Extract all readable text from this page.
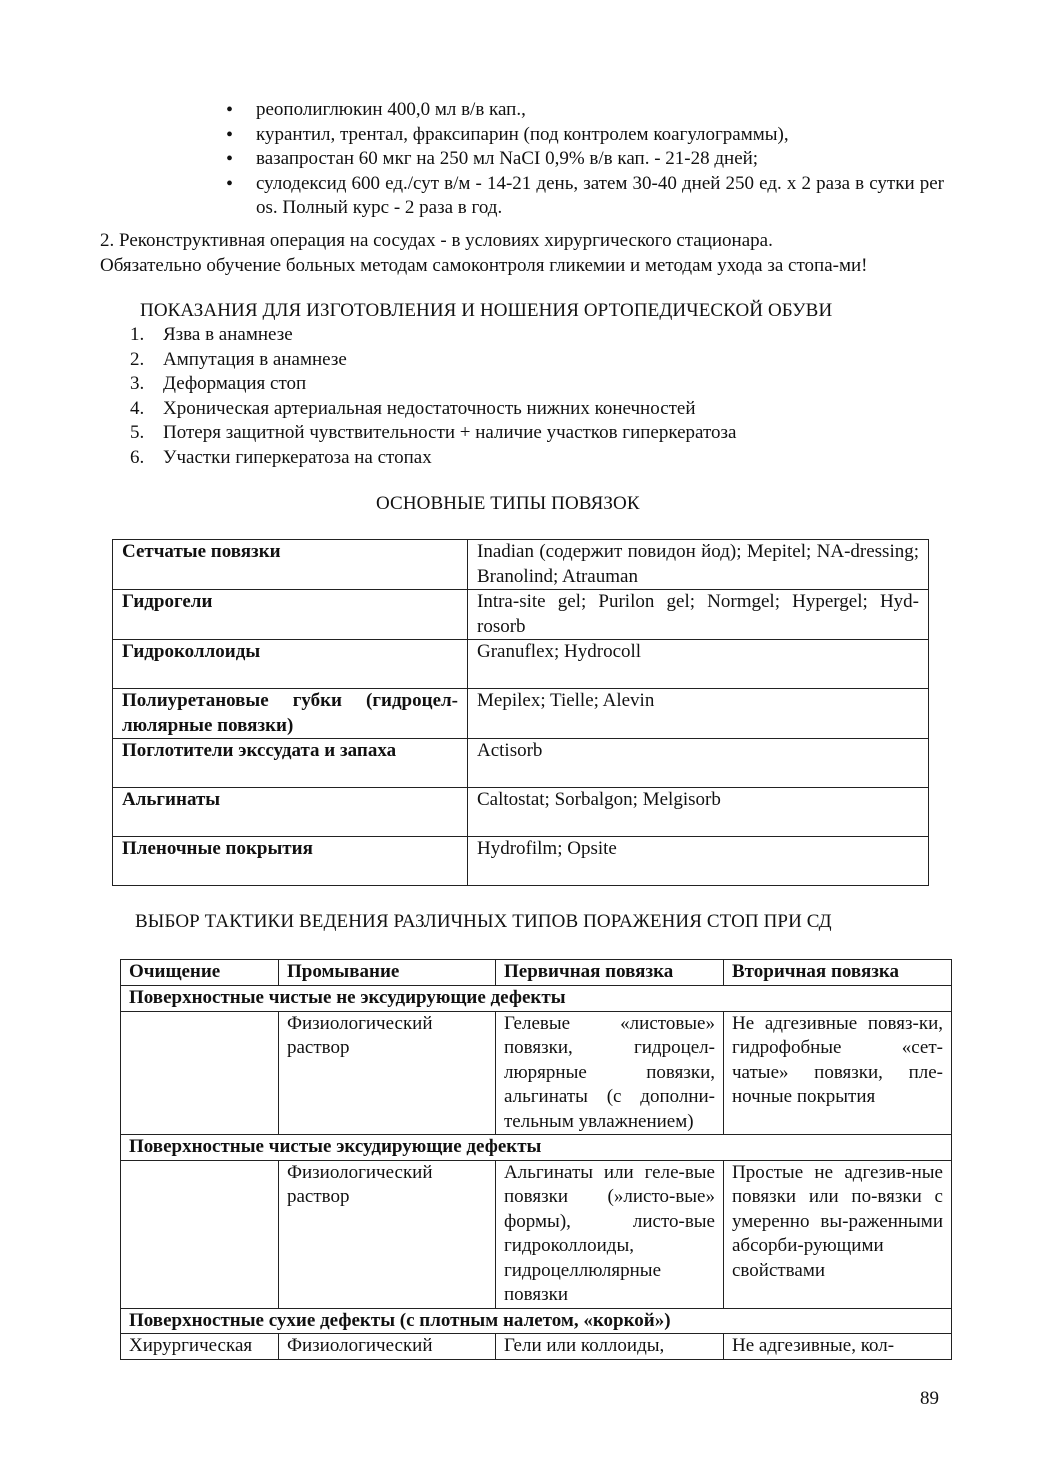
• реополиглюкин 400,0 мл в/в кап.,
• курантил, трентал, фраксипарин (под контролем коагулограммы),
• вазапростан 60 мкг на 250 мл NaCI 0,9% в/в кап. - 21-28 дней;
• сулодексид 600 ед./сут в/м - 14-21 день, затем 30-40 дней 250 ед. х 2 раза в сутки per os. Полный курс - 2 раза в год.
2. Реконструктивная операция на сосудах - в условиях хирургического стационара.
Обязательно обучение больных методам самоконтроля гликемии и методам ухода за стопа-ми!

ПОКАЗАНИЯ ДЛЯ ИЗГОТОВЛЕНИЯ И НОШЕНИЯ ОРТОПЕДИЧЕСКОЙ ОБУВИ

1. Язва в анамнезе
2. Ампутация в анамнезе
3. Деформация стоп
4. Хроническая артериальная недостаточность нижних конечностей
5. Потеря защитной чувствительности + наличие участков гиперкератоза
6. Участки гиперкератоза на стопах

ОСНОВНЫЕ ТИПЫ ПОВЯЗОК

Сетчатые повязки	Inadian (содержит повидон йод); Mepitel; NA-dressing; Branolind; Atrauman
Гидрогели	Intra-site gel; Purilon gel; Normgel; Hypergel; Hyd-rosorb
Гидроколлоиды	Granuflex; Hydrocoll
Полиуретановые губки (гидроцел-люлярные повязки)	Mepilex; Tielle; Alevin
Поглотители экссудата и запаха	Actisorb
Альгинаты	Caltostat; Sorbalgon; Melgisorb
Пленочные покрытия	Hydrofilm; Opsite

ВЫБОР ТАКТИКИ ВЕДЕНИЯ РАЗЛИЧНЫХ ТИПОВ ПОРАЖЕНИЯ СТОП ПРИ СД

Очищение	Промывание	Первичная повязка	Вторичная повязка
Поверхностные чистые не эксудирующие дефекты			
	Физиологический раствор	Гелевые «листовые» повязки, гидроцел-люрярные повязки, альгинаты (с дополни-тельным увлажнением)	Не адгезивные повяз-ки, гидрофобные «сет-чатые» повязки, пле-ночные покрытия
Поверхностные чистые эксудирующие дефекты			
	Физиологический раствор	Альгинаты или геле-вые повязки (»листо-вые» формы), листо-вые гидроколлоиды, гидроцеллюлярные повязки	Простые не адгезив-ные повязки или по-вязки с умеренно вы-раженными абсорби-рующими свойствами
Поверхностные сухие дефекты (с плотным налетом, «коркой»)			
Хирургическая	Физиологический	Гели или коллоиды,	Не адгезивные, кол-

89
